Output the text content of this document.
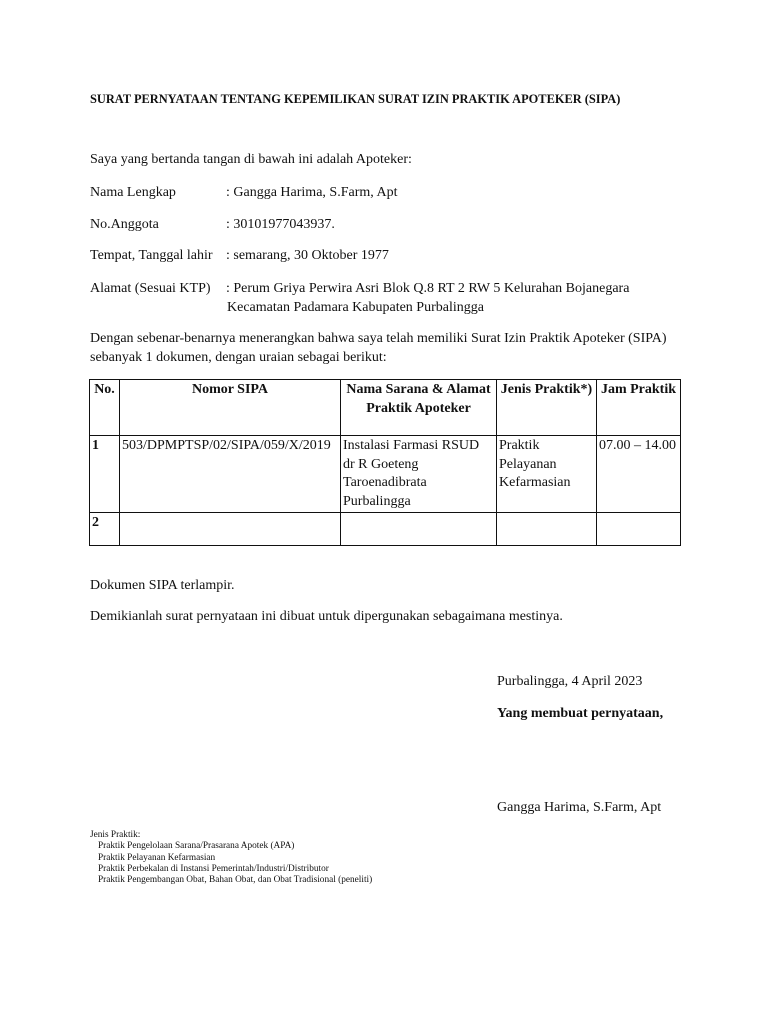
SURAT PERNYATAAN TENTANG KEPEMILIKAN SURAT IZIN PRAKTIK APOTEKER (SIPA)
Saya yang bertanda tangan di bawah ini adalah Apoteker:
Nama Lengkap	: Gangga Harima, S.Farm, Apt
No.Anggota	: 30101977043937.
Tempat, Tanggal lahir : semarang, 30 Oktober 1977
Alamat (Sesuai KTP) : Perum Griya Perwira Asri Blok Q.8 RT 2 RW 5 Kelurahan Bojanegara
Kecamatan Padamara Kabupaten Purbalingga
Dengan sebenar-benarnya menerangkan bahwa saya telah memiliki Surat Izin Praktik Apoteker (SIPA)
sebanyak 1 dokumen, dengan uraian sebagai berikut:
No.	Nomor SIPA	Nama Sarana & Alamat Praktik Apoteker	Jenis Praktik*)	Jam Praktik
1	503/DPMPTSP/02/SIPA/059/X/2019	Instalasi Farmasi RSUD dr R Goeteng Taroenadibrata Purbalingga	Praktik Pelayanan Kefarmasian	07.00 – 14.00
2				
Dokumen SIPA terlampir.
Demikianlah surat pernyataan ini dibuat untuk dipergunakan sebagaimana mestinya.
Purbalingga, 4 April 2023
Yang membuat pernyataan,
Gangga Harima, S.Farm, Apt
Jenis Praktik:
Praktik Pengelolaan Sarana/Prasarana Apotek (APA)
Praktik Pelayanan Kefarmasian
Praktik Perbekalan di Instansi Pemerintah/Industri/Distributor
Praktik Pengembangan Obat, Bahan Obat, dan Obat Tradisional (peneliti)
